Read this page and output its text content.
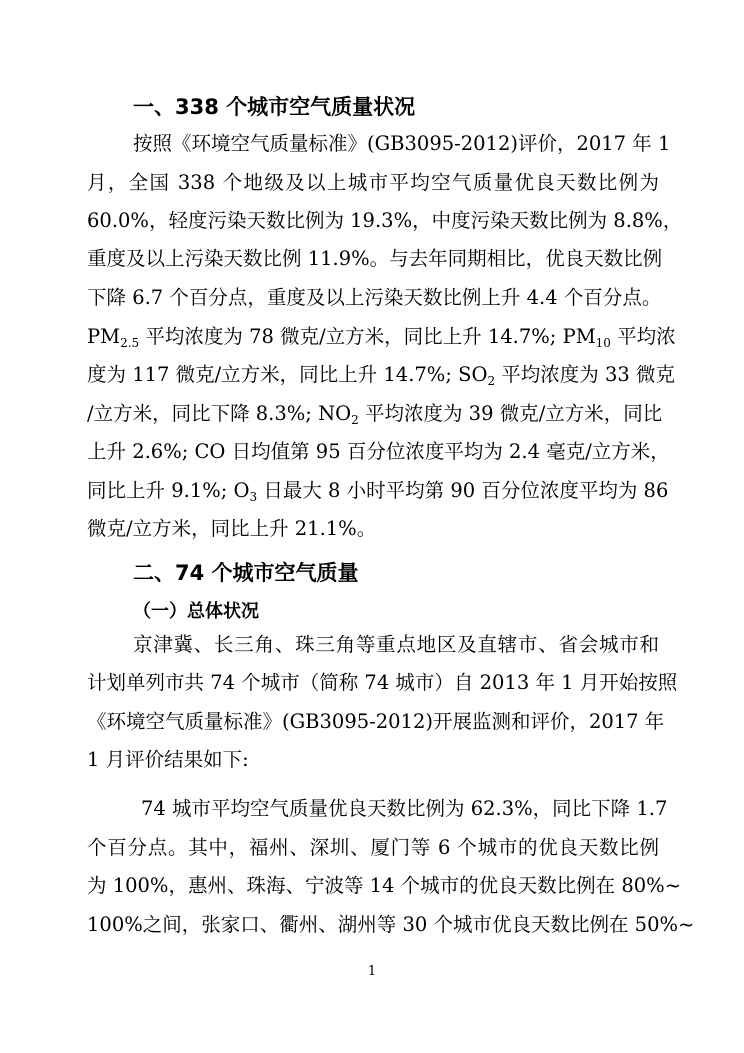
一、338 个城市空气质量状况
按照《环境空气质量标准》(GB3095-2012)评价，2017 年 1
月，全国 338 个地级及以上城市平均空气质量优良天数比例为
60.0%，轻度污染天数比例为 19.3%，中度污染天数比例为 8.8%，
重度及以上污染天数比例 11.9%。与去年同期相比，优良天数比例
下降 6.7 个百分点，重度及以上污染天数比例上升 4.4 个百分点。
$PM_{2.5}$ 平均浓度为 78 微克/立方米，同比上升 14.7%; $PM_{10}$ 平均浓
度为 117 微克/立方米，同比上升 14.7%; $SO_2$ 平均浓度为 33 微克
/立方米，同比下降 8.3%; $NO_2$ 平均浓度为 39 微克/立方米，同比
上升 2.6%; CO 日均值第 95 百分位浓度平均为 2.4 毫克/立方米，
同比上升 9.1%; $O_3$ 日最大 8 小时平均第 90 百分位浓度平均为 86
微克/立方米，同比上升 21.1%。
二、74 个城市空气质量
（一）总体状况
京津冀、长三角、珠三角等重点地区及直辖市、省会城市和
计划单列市共 74 个城市（简称 74 城市）自 2013 年 1 月开始按照
《环境空气质量标准》(GB3095-2012)开展监测和评价，2017 年
1 月评价结果如下:
74 城市平均空气质量优良天数比例为 62.3%，同比下降 1.7
个百分点。其中，福州、深圳、厦门等 6 个城市的优良天数比例
为 100%，惠州、珠海、宁波等 14 个城市的优良天数比例在 80%~
100%之间，张家口、衢州、湖州等 30 个城市优良天数比例在 50%~
1
